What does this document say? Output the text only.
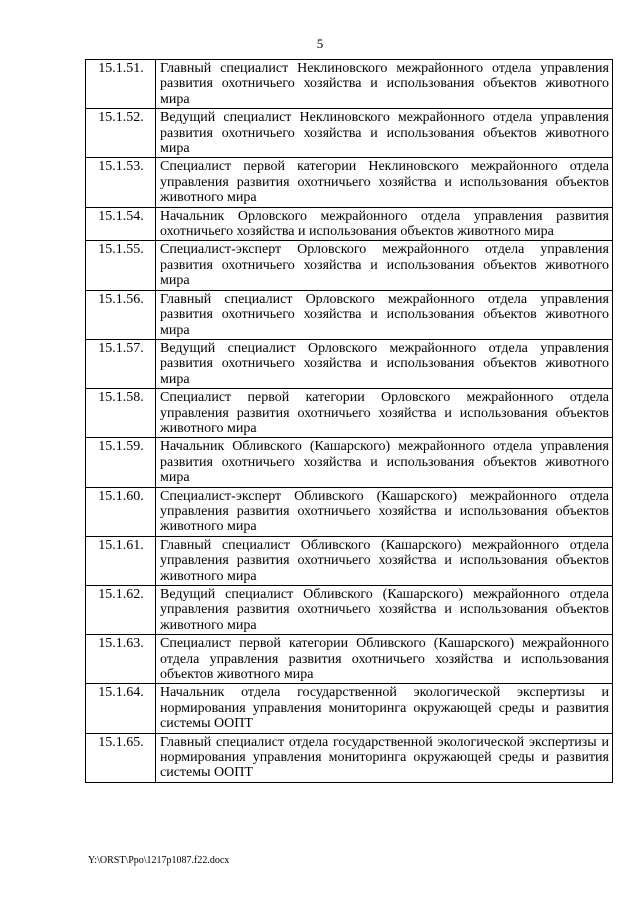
5
15.1.51.	Главный специалист Неклиновского межрайонного отдела управления развития охотничьего хозяйства и использования объектов животного мира
15.1.52.	Ведущий специалист Неклиновского межрайонного отдела управления развития охотничьего хозяйства и использования объектов животного мира
15.1.53.	Специалист первой категории Неклиновского межрайонного отдела управления развития охотничьего хозяйства и использования объектов животного мира
15.1.54.	Начальник Орловского межрайонного отдела управления развития охотничьего хозяйства и использования объектов животного мира
15.1.55.	Специалист-эксперт Орловского межрайонного отдела управления развития охотничьего хозяйства и использования объектов животного мира
15.1.56.	Главный специалист Орловского межрайонного отдела управления развития охотничьего хозяйства и использования объектов животного мира
15.1.57.	Ведущий специалист Орловского межрайонного отдела управления развития охотничьего хозяйства и использования объектов животного мира
15.1.58.	Специалист первой категории Орловского межрайонного отдела управления развития охотничьего хозяйства и использования объектов животного мира
15.1.59.	Начальник Обливского (Кашарского) межрайонного отдела управления развития охотничьего хозяйства и использования объектов животного мира
15.1.60.	Специалист-эксперт Обливского (Кашарского) межрайонного отдела управления развития охотничьего хозяйства и использования объектов животного мира
15.1.61.	Главный специалист Обливского (Кашарского) межрайонного отдела управления развития охотничьего хозяйства и использования объектов животного мира
15.1.62.	Ведущий специалист Обливского (Кашарского) межрайонного отдела управления развития охотничьего хозяйства и использования объектов животного мира
15.1.63.	Специалист первой категории Обливского (Кашарского) межрайонного отдела управления развития охотничьего хозяйства и использования объектов животного мира
15.1.64.	Начальник отдела государственной экологической экспертизы и нормирования управления мониторинга окружающей среды и развития системы ООПТ
15.1.65.	Главный специалист отдела государственной экологической экспертизы и нормирования управления мониторинга окружающей среды и развития системы ООПТ
Y:\ORST\Ppo\1217p1087.f22.docx
